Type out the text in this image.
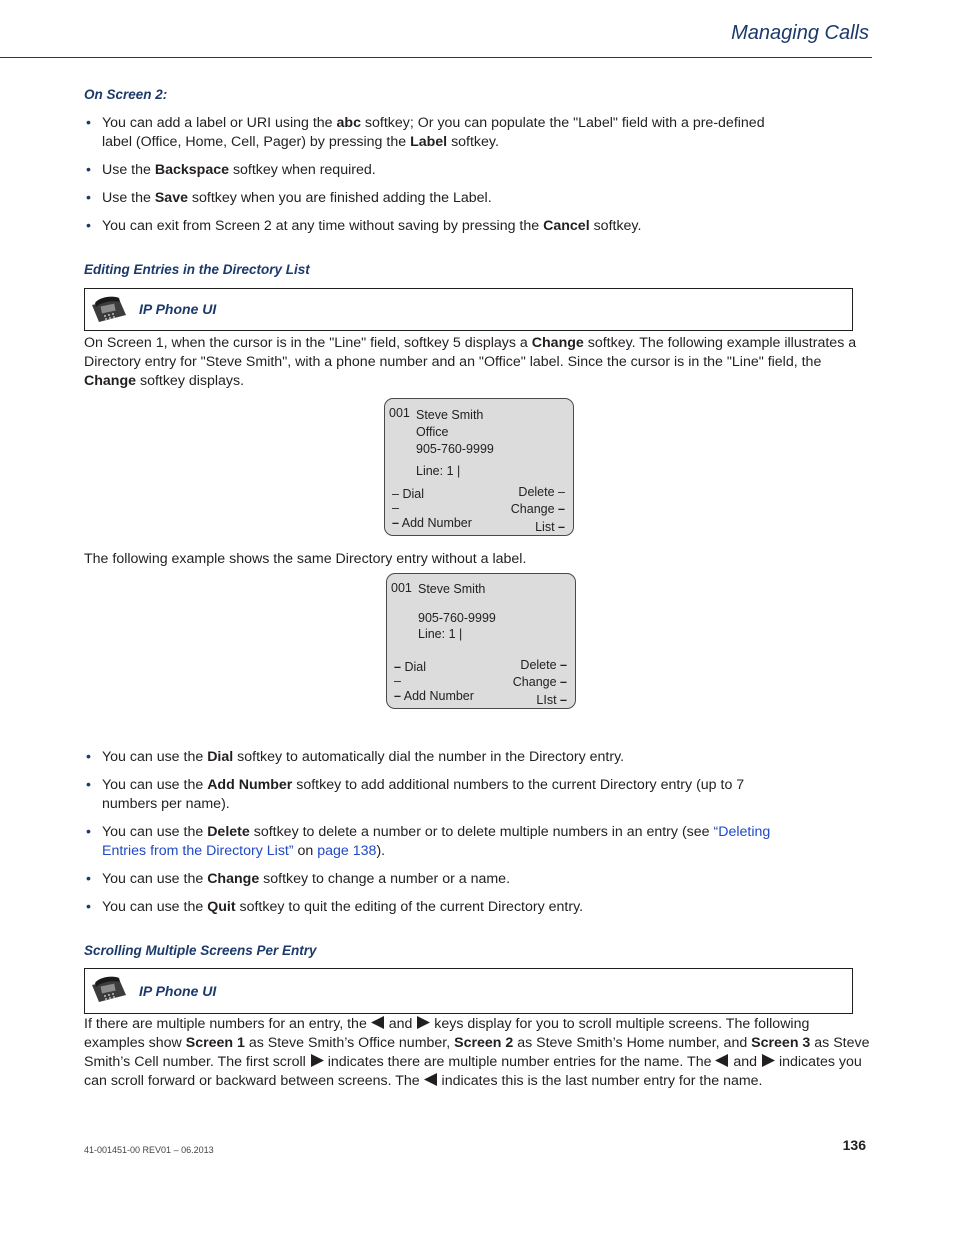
Managing Calls
On Screen 2:
• You can add a label or URI using the abc softkey; Or you can populate the "Label" field with a pre-defined label (Office, Home, Cell, Pager) by pressing the Label softkey.
• Use the Backspace softkey when required.
• Use the Save softkey when you are finished adding the Label.
• You can exit from Screen 2 at any time without saving by pressing the Cancel softkey.
Editing Entries in the Directory List
IP Phone UI
On Screen 1, when the cursor is in the "Line" field, softkey 5 displays a Change softkey. The following example illustrates a Directory entry for "Steve Smith", with a phone number and an "Office" label. Since the cursor is in the "Line" field, the Change softkey displays.
001 Steve Smith
Office
905-760-9999
Line: 1 |
– Dial
–
– Add Number
Delete –
Change –
List –
The following example shows the same Directory entry without a label.
001 Steve Smith
905-760-9999
Line: 1 |
– Dial
–
– Add Number
Delete –
Change –
LIst –
• You can use the Dial softkey to automatically dial the number in the Directory entry.
• You can use the Add Number softkey to add additional numbers to the current Directory entry (up to 7 numbers per name).
• You can use the Delete softkey to delete a number or to delete multiple numbers in an entry (see “Deleting Entries from the Directory List” on page 138).
• You can use the Change softkey to change a number or a name.
• You can use the Quit softkey to quit the editing of the current Directory entry.
Scrolling Multiple Screens Per Entry
IP Phone UI
If there are multiple numbers for an entry, the  and  keys display for you to scroll multiple screens. The following examples show Screen 1 as Steve Smith’s Office number, Screen 2 as Steve Smith’s Home number, and Screen 3 as Steve Smith’s Cell number. The first scroll  indicates there are multiple number entries for the name. The  and  indicates you can scroll forward or backward between screens. The  indicates this is the last number entry for the name.
41-001451-00 REV01 – 06.2013	136
